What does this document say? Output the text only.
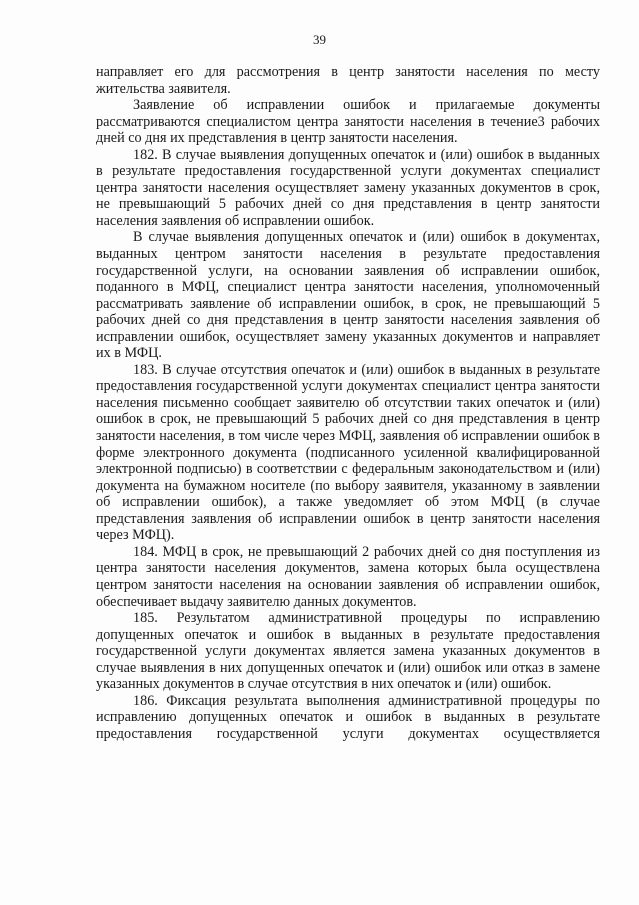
39

направляет его для рассмотрения в центр занятости населения по месту жительства заявителя.

Заявление об исправлении ошибок и прилагаемые документы рассматриваются специалистом центра занятости населения в течение3 рабочих дней со дня их представления в центр занятости населения.

182. В случае выявления допущенных опечаток и (или) ошибок в выданных в результате предоставления государственной услуги документах специалист центра занятости населения осуществляет замену указанных документов в срок, не превышающий 5 рабочих дней со дня представления в центр занятости населения заявления об исправлении ошибок.

В случае выявления допущенных опечаток и (или) ошибок в документах, выданных центром занятости населения в результате предоставления государственной услуги, на основании заявления об исправлении ошибок, поданного в МФЦ, специалист центра занятости населения, уполномоченный рассматривать заявление об исправлении ошибок, в срок, не превышающий 5 рабочих дней со дня представления в центр занятости населения заявления об исправлении ошибок, осуществляет замену указанных документов и направляет их в МФЦ.

183. В случае отсутствия опечаток и (или) ошибок в выданных в результате предоставления государственной услуги документах специалист центра занятости населения письменно сообщает заявителю об отсутствии таких опечаток и (или) ошибок в срок, не превышающий 5 рабочих дней со дня представления в центр занятости населения, в том числе через МФЦ, заявления об исправлении ошибок в форме электронного документа (подписанного усиленной квалифицированной электронной подписью) в соответствии с федеральным законодательством и (или) документа на бумажном носителе (по выбору заявителя, указанному в заявлении об исправлении ошибок), а также уведомляет об этом МФЦ (в случае представления заявления об исправлении ошибок в центр занятости населения через МФЦ).

184. МФЦ в срок, не превышающий 2 рабочих дней со дня поступления из центра занятости населения документов, замена которых была осуществлена центром занятости населения на основании заявления об исправлении ошибок, обеспечивает выдачу заявителю данных документов.

185. Результатом административной процедуры по исправлению допущенных опечаток и ошибок в выданных в результате предоставления государственной услуги документах является замена указанных документов в случае выявления в них допущенных опечаток и (или) ошибок или отказ в замене указанных документов в случае отсутствия в них опечаток и (или) ошибок.

186. Фиксация результата выполнения административной процедуры по исправлению допущенных опечаток и ошибок в выданных в результате предоставления государственной услуги документах осуществляется
